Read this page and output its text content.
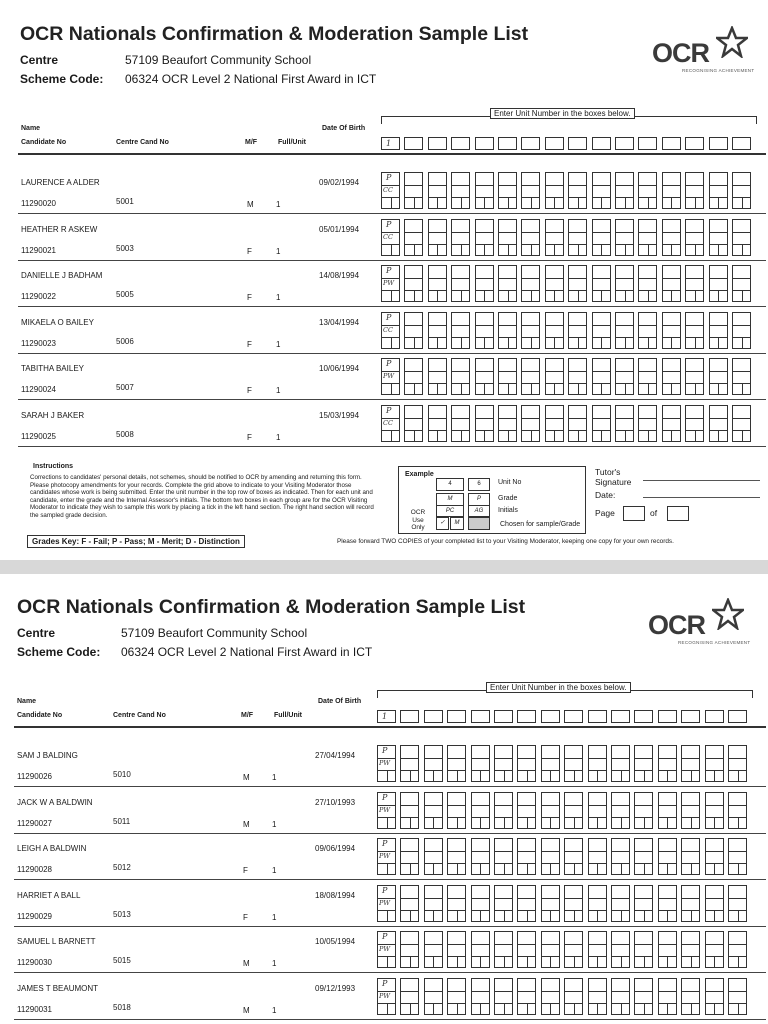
OCR Nationals Confirmation & Moderation Sample List
Centre	57109 Beaufort Community School
Scheme Code: 06324 OCR Level 2 National First Award in ICT
OCR
RECOGNISING ACHIEVEMENT
Enter Unit Number in the boxes below.
Name
Candidate No	Centre Cand No	M/F	Full/Unit
Date Of Birth
1
LAURENCE A ALDER	09/02/1994
11290020	5001	M	1
P
CC
HEATHER R ASKEW	05/01/1994
11290021	5003	F	1
P
CC
DANIELLE J BADHAM	14/08/1994
11290022	5005	F	1
P
PW
MIKAELA O BAILEY	13/04/1994
11290023	5006	F	1
P
CC
TABITHA BAILEY	10/06/1994
11290024	5007	F	1
P
PW
SARAH J BAKER	15/03/1994
11290025	5008	F	1
P
CC
Instructions
Corrections to candidates' personal details, not schemes, should be notified to OCR by amending and returning this form. Please photocopy amendments for your records. Complete the grid above to indicate to your Visiting Moderator those candidates whose work is being submitted. Enter the unit number in the top row of boxes as indicated. Then for each unit and candidate, enter the grade and the Internal Assessor's initials. The bottom two boxes in each group are for the OCR Visiting Moderator to indicate they wish to sample this work by placing a tick in the left hand section. The right hand section will record the sampled grade decision.
Grades Key: F - Fail; P - Pass; M - Merit; D - Distinction
Example
4	6	Unit No
M	P	Grade
PC	AG	Initials
OCR Use Only
✓	M	Chosen for sample/Grade
Tutor's Signature
Date:
Page	of
Please forward TWO COPIES of your completed list to your Visiting Moderator, keeping one copy for your own records.
OCR Nationals Confirmation & Moderation Sample List
Centre	57109 Beaufort Community School
Scheme Code: 06324 OCR Level 2 National First Award in ICT
OCR
RECOGNISING ACHIEVEMENT
Enter Unit Number in the boxes below.
Name
Candidate No	Centre Cand No	M/F	Full/Unit
Date Of Birth
1
SAM J BALDING	27/04/1994
11290026	5010	M	1
P
PW
JACK W A BALDWIN	27/10/1993
11290027	5011	M	1
P
PW
LEIGH A BALDWIN	09/06/1994
11290028	5012	F	1
P
PW
HARRIET A BALL	18/08/1994
11290029	5013	F	1
P
PW
SAMUEL L BARNETT	10/05/1994
11290030	5015	M	1
P
PW
JAMES T BEAUMONT	09/12/1993
11290031	5018	M	1
P
PW
